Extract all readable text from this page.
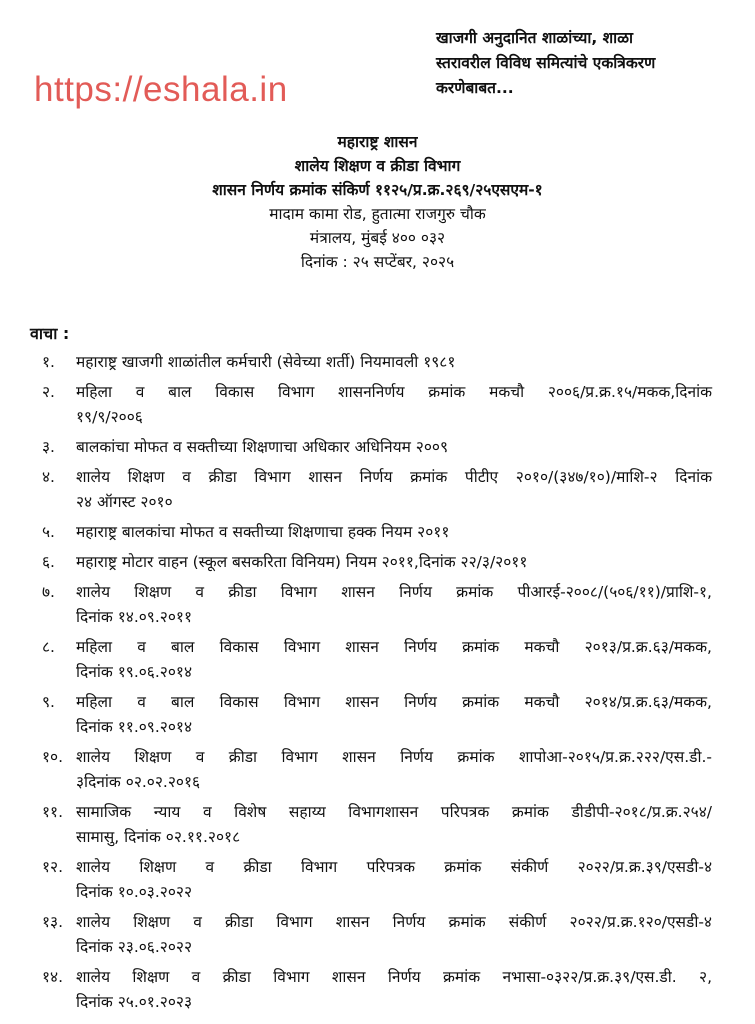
खाजगी अनुदानित शाळांच्या, शाळा
स्तरावरील विविध समित्यांचे एकत्रिकरण
करणेबाबत...
https://eshala.in
महाराष्ट्र शासन
शालेय शिक्षण व क्रीडा विभाग
शासन निर्णय क्रमांक संकिर्ण ११२५/प्र.क्र.२६९/२५एसएम-१
मादाम कामा रोड, हुतात्मा राजगुरु चौक
मंत्रालय, मुंबई ४०० ०३२
दिनांक : २५ सप्टेंबर, २०२५
वाचा :
१. महाराष्ट्र खाजगी शाळांतील कर्मचारी (सेवेच्या शर्ती) नियमावली १९८१
२. महिला व बाल विकास विभाग शासननिर्णय क्रमांक मकचौ २००६/प्र.क्र.१५/मकक,दिनांक
१९/९/२००६
३. बालकांचा मोफत व सक्तीच्या शिक्षणाचा अधिकार अधिनियम २००९
४. शालेय शिक्षण व क्रीडा विभाग शासन निर्णय क्रमांक पीटीए २०१०/(३४७/१०)/माशि-२ दिनांक
२४ ऑगस्ट २०१०
५. महाराष्ट्र बालकांचा मोफत व सक्तीच्या शिक्षणाचा हक्क नियम २०११
६. महाराष्ट्र मोटार वाहन (स्कूल बसकरिता विनियम) नियम २०११,दिनांक २२/३/२०११
७. शालेय शिक्षण व क्रीडा विभाग शासन निर्णय क्रमांक पीआरई-२००८/(५०६/११)/प्राशि-१,
दिनांक १४.०९.२०११
८. महिला व बाल विकास विभाग शासन निर्णय क्रमांक मकचौ २०१३/प्र.क्र.६३/मकक,
दिनांक १९.०६.२०१४
९. महिला व बाल विकास विभाग शासन निर्णय क्रमांक मकचौ २०१४/प्र.क्र.६३/मकक,
दिनांक ११.०९.२०१४
१०. शालेय शिक्षण व क्रीडा विभाग शासन निर्णय क्रमांक शापोआ-२०१५/प्र.क्र.२२२/एस.डी.-
३दिनांक ०२.०२.२०१६
११. सामाजिक न्याय व विशेष सहाय्य विभागशासन परिपत्रक क्रमांक डीडीपी-२०१८/प्र.क्र.२५४/
सामासु, दिनांक ०२.११.२०१८
१२. शालेय शिक्षण व क्रीडा विभाग परिपत्रक क्रमांक संकीर्ण २०२२/प्र.क्र.३९/एसडी-४
दिनांक १०.०३.२०२२
१३. शालेय शिक्षण व क्रीडा विभाग शासन निर्णय क्रमांक संकीर्ण २०२२/प्र.क्र.१२०/एसडी-४
दिनांक २३.०६.२०२२
१४. शालेय शिक्षण व क्रीडा विभाग शासन निर्णय क्रमांक नभासा-०३२२/प्र.क्र.३९/एस.डी. २,
दिनांक २५.०१.२०२३
